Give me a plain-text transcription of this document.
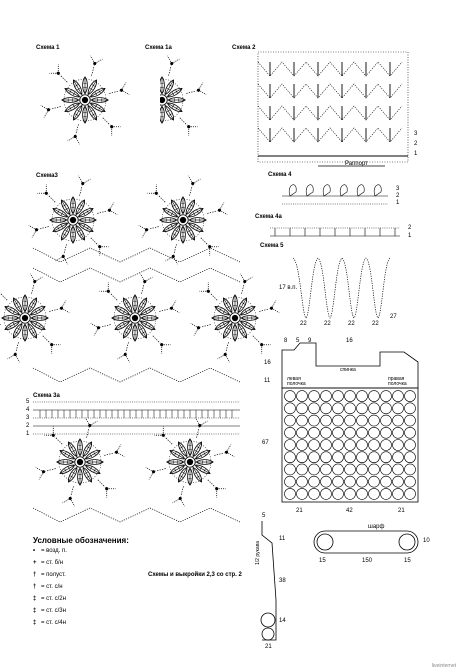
Схема 1	Схема 1а	Схема 2
Раппорт
Схема3
Схема 3а
Схема 4
Схема 4а
Схема 5
17 в.п.
3
2
1
5
4
3
2
1
3
2
1
2
1
22	22	22	22
27
8 5 9	16
16
11
67
21	42	21
спинка
левая полочка
правая полочка
5
11
38
14
21
1/2 рукава
шарф
10
15	150	15
Схемы и выкройки 2,3 со стр. 2
Условные обозначения:
• = возд. п.
+ = ст. б/н
† = полуст.
† = ст. с/н
‡ = ст. с/2н
‡ = ст. с/3н
‡ = ст. с/4н
liveinternet
